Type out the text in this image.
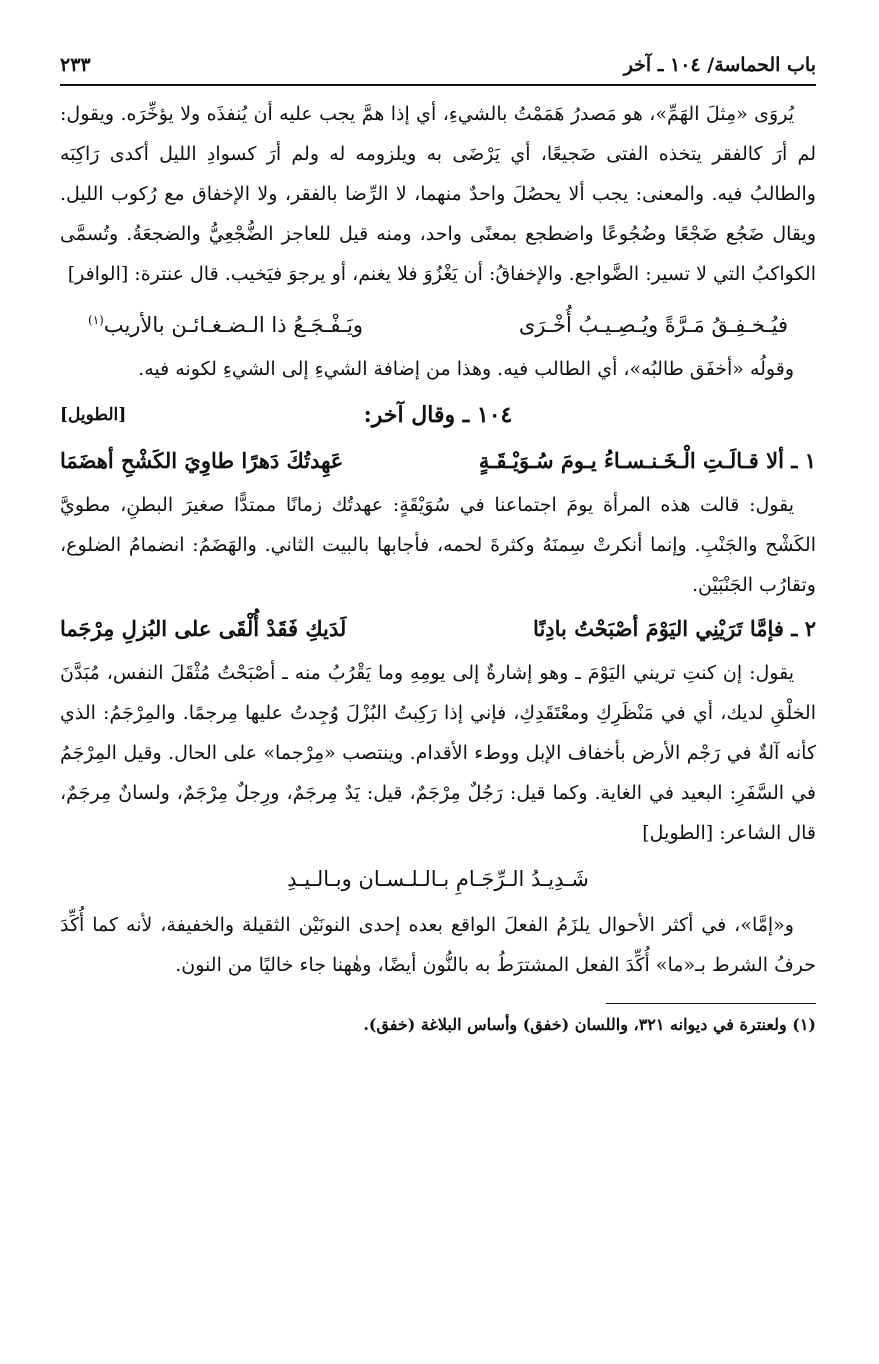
باب الحماسة/ ١٠٤ ـ آخر
٢٣٣

يُروَى «مِثلَ الهَمِّ»، هو مَصدرُ هَمَمْتُ بالشيءِ، أي إذا همَّ يجب عليه أن يُنفذَه ولا يؤخِّرَه. ويقول: لم أرَ كالفقر يتخذه الفتى ضَجيعًا، أي يَرْضَى به ويلزومه له ولم أرَ كسوادِ الليل أكدى رَاكِبَه والطالبُ فيه. والمعنى: يجب ألا يحصُلَ واحدٌ منهما، لا الرِّضا بالفقر، ولا الإخفاق مع رُكوب الليل. ويقال ضَجُع ضَجْعًا وضُجُوعًا واضطجع بمعنًى واحد، ومنه قيل للعاجز الضُّجْعِيُّ والضجعَةُ. وتُسمَّى الكواكبُ التي لا تسير: الضَّواجع. والإخفاقُ: أن يَغْزُوَ فلا يغنم، أو يرجوَ فيَخيب. قال عنترة: [الوافر]

فيُـخـفِـقُ مَـرَّةً ويُـصِـيـبُ أُخْـرَى
ويَـفْـجَـعُ ذا الـضـغـائـن بالأريب$^{(١)}$

وقولُه «أخفَق طالبُه»، أي الطالب فيه. وهذا من إضافة الشيءِ إلى الشيءِ لكونه فيه.

١٠٤ ـ وقال آخر:
[الطويل]
١ ـ ألا قـالَـتِ الْـخَـنـسـاءُ يـومَ سُـوَيْـقَـةٍ
عَهِدتُكَ دَهرًا طاوِيَ الكَشْحِ أهضَمَا

يقول: قالت هذه المرأة يومَ اجتماعنا في سُوَيْقَةٍ: عهدتُك زمانًا ممتدًّا صغيرَ البطنِ، مطويَّ الكَشْح والجَنْبِ. وإنما أنكرتْ سِمنَهُ وكثرةَ لحمه، فأجابها بالبيت الثاني. والهَضَمُ: انضمامُ الضلوع، وتقارُب الجَنْبَيْن.

٢ ـ فإمَّا تَرَيْنِي اليَوْمَ أصْبَحْتُ بادِنًا
لَدَيكِ فَقَدْ أُلْقَى على البُزلِ مِرْجَما

يقول: إن كنتِ تريني اليَوْمَ ـ وهو إشارةٌ إلى يومِهِ وما يَقْرُبُ منه ـ أصْبَحْتُ مُثْقَلَ النفس، مُبَدَّنَ الخلْقِ لديك، أي في مَنْظَرِكِ ومعْتَقَدِكِ، فإني إذا رَكِبتُ البُزْلَ وُجِدتُ عليها مِرجمًا. والمِرْجَمُ: الذي كأنه آلةٌ في رَجْم الأرض بأخفاف الإبل ووطء الأقدام. وينتصب «مِرْجما» على الحال. وقيل المِرْجَمُ في السَّفَرِ: البعيد في الغاية. وكما قيل: رَجُلٌ مِرْجَمٌ، قيل: يَدٌ مِرجَمٌ، ورِجلٌ مِرْجَمٌ، ولسانٌ مِرجَمٌ، قال الشاعر: [الطويل]

شَـدِيـدُ الـرِّجَـامِ بـالـلـسـان وبـالـيـدِ

و«إمَّا»، في أكثر الأحوال يلزَمُ الفعلَ الواقع بعده إحدى النونَيْن الثقيلة والخفيفة، لأنه كما أُكِّدَ حرفُ الشرط بـ«ما» أُكِّدَ الفعل المشترَطُ به بالنُّون أيضًا، وهٰهنا جاء خاليًا من النون.

(١) ولعنترة في ديوانه ٣٢١، واللسان (خفق) وأساس البلاغة (خفق).
